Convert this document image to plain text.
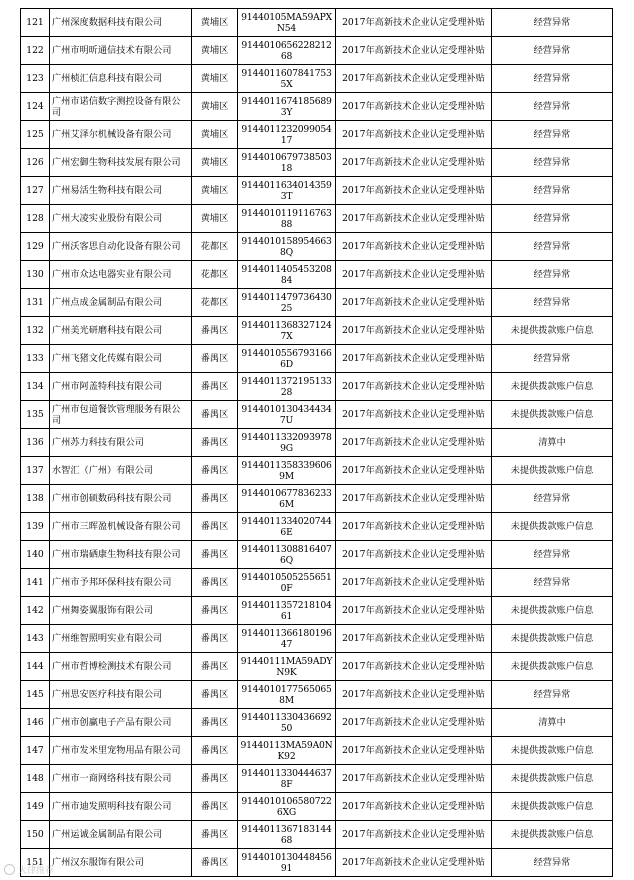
121	广州深度数据科技有限公司	黄埔区	91440105MA59APXN54	2017年高新技术企业认定受理补贴	经营异常
122	广州市明昕通信技术有限公司	黄埔区	914401065622821268	2017年高新技术企业认定受理补贴	经营异常
123	广州桢汇信息科技有限公司	黄埔区	91440116078417535X	2017年高新技术企业认定受理补贴	经营异常
124	广州市诺信数字测控设备有限公司	黄埔区	914401167418568​93Y	2017年高新技术企业认定受理补贴	经营异常
125	广州艾泽尔机械设备有限公司	黄埔区	914401123209905417	2017年高新技术企业认定受理补贴	经营异常
126	广州宏御生物科技发展有限公司	黄埔区	914401067973850318	2017年高新技术企业认定受理补贴	经营异常
127	广州易活生物科技有限公司	黄埔区	91440116340143593T	2017年高新技术企业认定受理补贴	经营异常
128	广州大凌实业股份有限公司	黄埔区	914401011911676388	2017年高新技术企业认定受理补贴	经营异常
129	广州沃客思自动化设备有限公司	花都区	91440101589546638Q	2017年高新技术企业认定受理补贴	经营异常
130	广州市众达电器实业有限公司	花都区	914401140545320884	2017年高新技术企业认定受理补贴	经营异常
131	广州点成金属制品有限公司	花都区	914401147973643025	2017年高新技术企业认定受理补贴	经营异常
132	广州美光研磨科技有限公司	番禺区	91440113683271247X	2017年高新技术企业认定受理补贴	未提供拨款账户信息
133	广州飞猪文化传媒有限公司	番禺区	91440105567931666D	2017年高新技术企业认定受理补贴	经营异常
134	广州市阿盖特科技有限公司	番禺区	914401137219513328	2017年高新技术企业认定受理补贴	未提供拨款账户信息
135	广州市包道餐饮管理服务有限公司	番禺区	91440101304344347U	2017年高新技术企业认定受理补贴	未提供拨款账户信息
136	广州苏力科技有限公司	番禺区	91440113320939789G	2017年高新技术企业认定受理补贴	清算中
137	水智汇（广州）有限公司	番禺区	91440113583396069M	2017年高新技术企业认定受理补贴	未提供拨款账户信息
138	广州市创硕数码科技有限公司	番禺区	91440106778362336M	2017年高新技术企业认定受理补贴	经营异常
139	广州市三晖盈机械设备有限公司	番禺区	91440113340207446E	2017年高新技术企业认定受理补贴	未提供拨款账户信息
140	广州市瑞硒康生物科技有限公司	番禺区	91440113088164076Q	2017年高新技术企业认定受理补贴	经营异常
141	广州市予邦环保科技有限公司	番禺区	91440105052556510F	2017年高新技术企业认定受理补贴	经营异常
142	广州舞姿翼服饰有限公司	番禺区	914401135721810461	2017年高新技术企业认定受理补贴	未提供拨款账户信息
143	广州维智照明实业有限公司	番禺区	914401136618019647	2017年高新技术企业认定受理补贴	未提供拨款账户信息
144	广州市哲博检测技术有限公司	番禺区	91440111MA59ADYN9K	2017年高新技术企业认定受理补贴	未提供拨款账户信息
145	广州思安医疗科技有限公司	番禺区	91440101775650658M	2017年高新技术企业认定受理补贴	经营异常
146	广州市创赢电子产品有限公司	番禺区	914401133043669250	2017年高新技术企业认定受理补贴	清算中
147	广州市发米里宠物用品有限公司	番禺区	91440113MA59A0NK92	2017年高新技术企业认定受理补贴	未提供拨款账户信息
148	广州市一商网络科技有限公司	番禺区	91440113304446378F	2017年高新技术企业认定受理补贴	未提供拨款账户信息
149	广州市迪发照明科技有限公司	番禺区	91440101065807226XG	2017年高新技术企业认定受理补贴	未提供拨款账户信息
150	广州运诚金属制品有限公司	番禺区	914401136718314468	2017年高新技术企业认定受理补贴	未提供拨款账户信息
151	广州汉东服饰有限公司	番禺区	914401013044845691	2017年高新技术企业认定受理补贴	经营异常
大律推荐
